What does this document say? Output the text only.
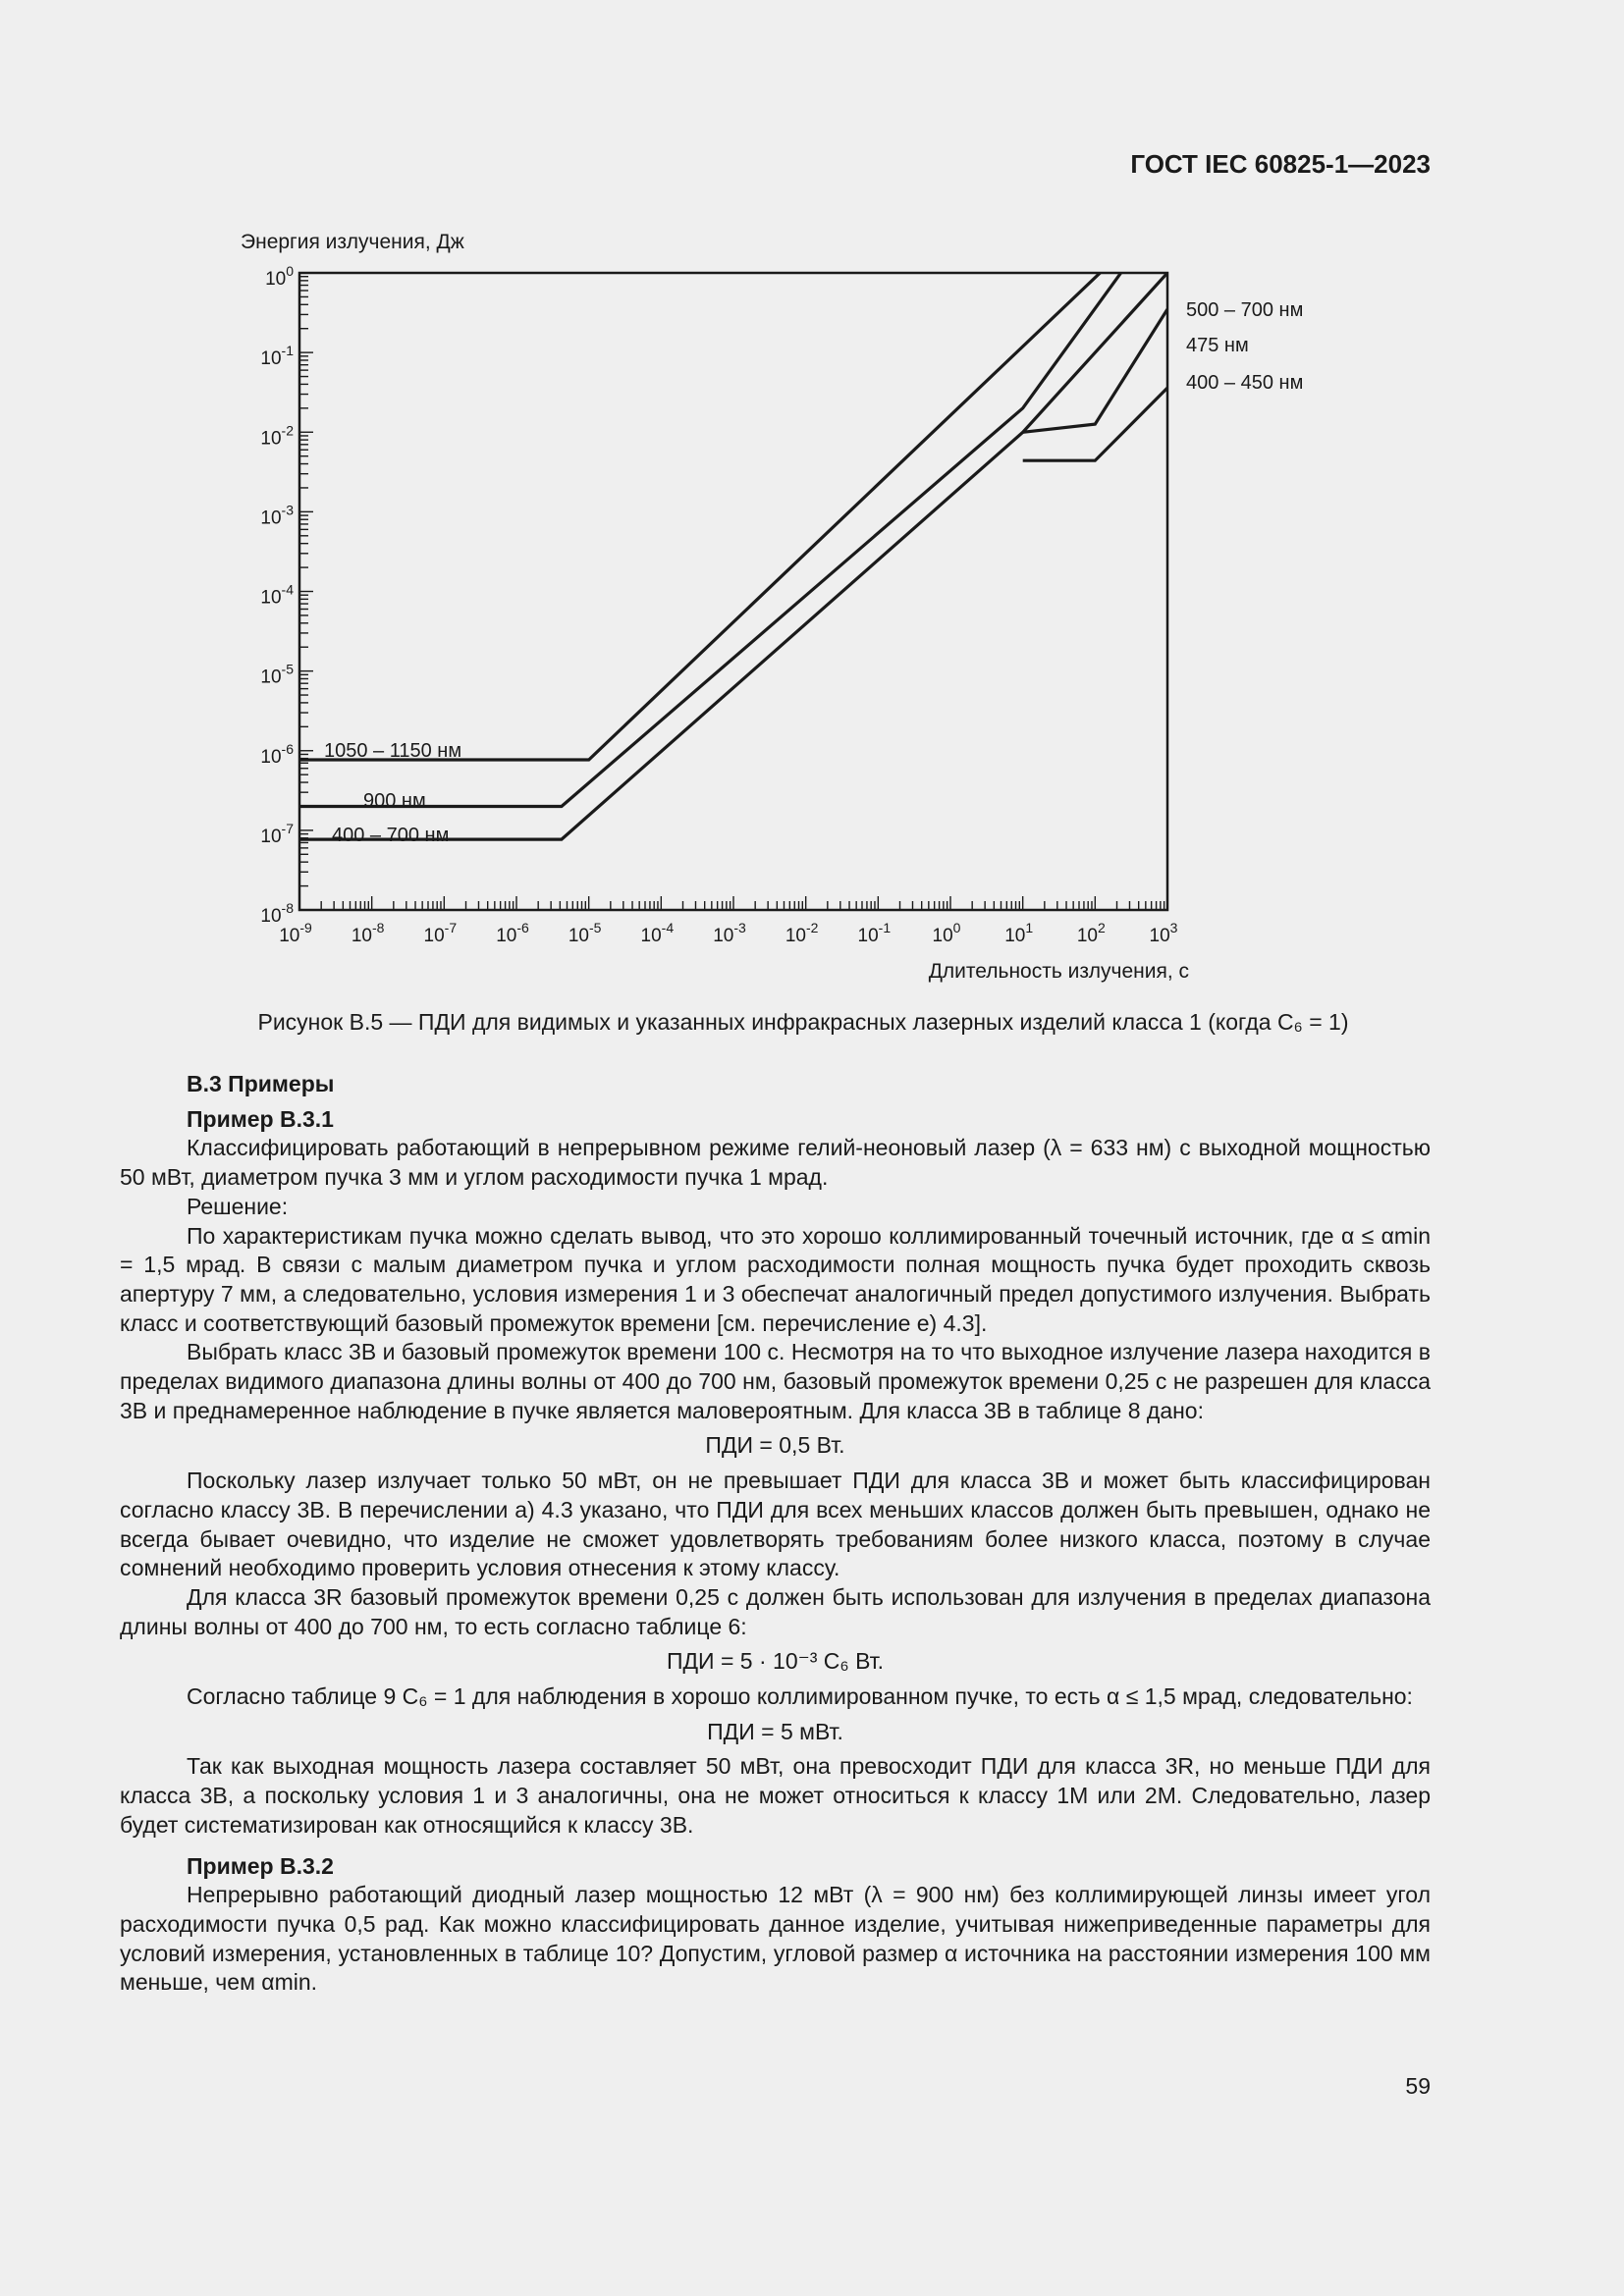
ГОСТ IEC 60825-1—2023
$10^{-9}$ $10^{-8}$ $10^{-7}$ $10^{-6}$ $10^{-5}$ $10^{-4}$ $10^{-3}$ $10^{-2}$ $10^{-1}$ $10^0$ $10^1$ $10^2$ $10^3$
$10^0$
$10^{-1}$
$10^{-2}$
$10^{-3}$
$10^{-4}$
$10^{-5}$
$10^{-6}$
$10^{-7}$
$10^{-8}$
Энергия излучения, Дж
Длительность излучения, с
1050 – 1150 нм
900 нм
400 – 700 нм
500 – 700 нм
475 нм
400 – 450 нм
Рисунок В.5 — ПДИ для видимых и указанных инфракрасных лазерных изделий класса 1 (когда C₆ = 1)
В.3 Примеры
Пример В.3.1

Классифицировать работающий в непрерывном режиме гелий-неоновый лазер (λ = 633 нм) с выходной мощностью 50 мВт, диаметром пучка 3 мм и углом расходимости пучка 1 мрад.

Решение:

По характеристикам пучка можно сделать вывод, что это хорошо коллимированный точечный источник, где α ≤ αmin = 1,5 мрад. В связи с малым диаметром пучка и углом расходимости полная мощность пучка будет проходить сквозь апертуру 7 мм, а следовательно, условия измерения 1 и 3 обеспечат аналогичный предел допустимого излучения. Выбрать класс и соответствующий базовый промежуток времени [см. перечисление е) 4.3].

Выбрать класс 3В и базовый промежуток времени 100 с. Несмотря на то что выходное излучение лазера находится в пределах видимого диапазона длины волны от 400 до 700 нм, базовый промежуток времени 0,25 с не разрешен для класса 3В и преднамеренное наблюдение в пучке является маловероятным. Для класса 3В в таблице 8 дано:

ПДИ = 0,5 Вт.

Поскольку лазер излучает только 50 мВт, он не превышает ПДИ для класса 3В и может быть классифицирован согласно классу 3В. В перечислении а) 4.3 указано, что ПДИ для всех меньших классов должен быть превышен, однако не всегда бывает очевидно, что изделие не сможет удовлетворять требованиям более низкого класса, поэтому в случае сомнений необходимо проверить условия отнесения к этому классу.

Для класса 3R базовый промежуток времени 0,25 с должен быть использован для излучения в пределах диапазона длины волны от 400 до 700 нм, то есть согласно таблице 6:

ПДИ = 5 · 10⁻³ C₆ Вт.

Согласно таблице 9 C₆ = 1 для наблюдения в хорошо коллимированном пучке, то есть α ≤ 1,5 мрад, следовательно:

ПДИ = 5 мВт.

Так как выходная мощность лазера составляет 50 мВт, она превосходит ПДИ для класса 3R, но меньше ПДИ для класса 3В, а поскольку условия 1 и 3 аналогичны, она не может относиться к классу 1М или 2М. Следовательно, лазер будет систематизирован как относящийся к классу 3В.

Пример В.3.2

Непрерывно работающий диодный лазер мощностью 12 мВт (λ = 900 нм) без коллимирующей линзы имеет угол расходимости пучка 0,5 рад. Как можно классифицировать данное изделие, учитывая нижеприведенные параметры для условий измерения, установленных в таблице 10? Допустим, угловой размер α источника на расстоянии измерения 100 мм меньше, чем αmin.

59
